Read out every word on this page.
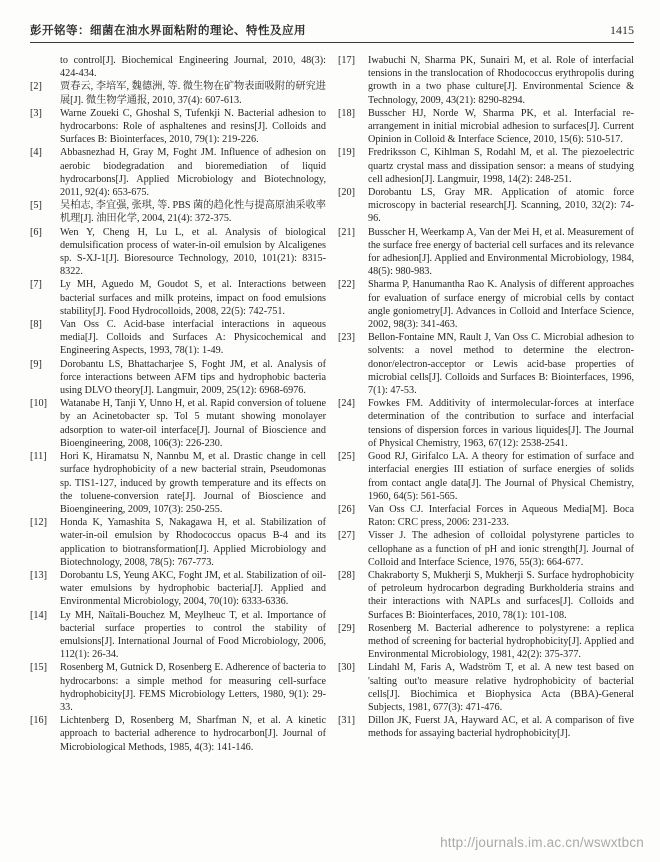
彭开铭等：细菌在油水界面粘附的理论、特性及应用	1415
to control[J]. Biochemical Engineering Journal, 2010, 48(3): 424-434.
[2] 贾春云, 李培军, 魏德洲, 等. 微生物在矿物表面吸附的研究进展[J]. 微生物学通报, 2010, 37(4): 607-613.
[3] Warne Zoueki C, Ghoshal S, Tufenkji N. Bacterial adhesion to hydrocarbons: Role of asphaltenes and resins[J]. Colloids and Surfaces B: Biointerfaces, 2010, 79(1): 219-226.
[4] Abbasnezhad H, Gray M, Foght JM. Influence of adhesion on aerobic biodegradation and bioremediation of liquid hydrocarbons[J]. Applied Microbiology and Biotechnology, 2011, 92(4): 653-675.
[5] 吴柏志, 李宜强, 张琪, 等. PBS 菌的趋化性与提高原油采收率机理[J]. 油田化学, 2004, 21(4): 372-375.
[6] Wen Y, Cheng H, Lu L, et al. Analysis of biological demulsification process of water-in-oil emulsion by Alcaligenes sp. S-XJ-1[J]. Bioresource Technology, 2010, 101(21): 8315-8322.
[7] Ly MH, Aguedo M, Goudot S, et al. Interactions between bacterial surfaces and milk proteins, impact on food emulsions stability[J]. Food Hydrocolloids, 2008, 22(5): 742-751.
[8] Van Oss C. Acid-base interfacial interactions in aqueous media[J]. Colloids and Surfaces A: Physicochemical and Engineering Aspects, 1993, 78(1): 1-49.
[9] Dorobantu LS, Bhattacharjee S, Foght JM, et al. Analysis of force interactions between AFM tips and hydrophobic bacteria using DLVO theory[J]. Langmuir, 2009, 25(12): 6968-6976.
[10] Watanabe H, Tanji Y, Unno H, et al. Rapid conversion of toluene by an Acinetobacter sp. Tol 5 mutant showing monolayer adsorption to water-oil interface[J]. Journal of Bioscience and Bioengineering, 2008, 106(3): 226-230.
[11] Hori K, Hiramatsu N, Nannbu M, et al. Drastic change in cell surface hydrophobicity of a new bacterial strain, Pseudomonas sp. TIS1-127, induced by growth temperature and its effects on the toluene-conversion rate[J]. Journal of Bioscience and Bioengineering, 2009, 107(3): 250-255.
[12] Honda K, Yamashita S, Nakagawa H, et al. Stabilization of water-in-oil emulsion by Rhodococcus opacus B-4 and its application to biotransformation[J]. Applied Microbiology and Biotechnology, 2008, 78(5): 767-773.
[13] Dorobantu LS, Yeung AKC, Foght JM, et al. Stabilization of oil-water emulsions by hydrophobic bacteria[J]. Applied and Environmental Microbiology, 2004, 70(10): 6333-6336.
[14] Ly MH, Naïtali-Bouchez M, Meylheuc T, et al. Importance of bacterial surface properties to control the stability of emulsions[J]. International Journal of Food Microbiology, 2006, 112(1): 26-34.
[15] Rosenberg M, Gutnick D, Rosenberg E. Adherence of bacteria to hydrocarbons: a simple method for measuring cell-surface hydrophobicity[J]. FEMS Microbiology Letters, 1980, 9(1): 29-33.
[16] Lichtenberg D, Rosenberg M, Sharfman N, et al. A kinetic approach to bacterial adherence to hydrocarbon[J]. Journal of Microbiological Methods, 1985, 4(3): 141-146.
[17] Iwabuchi N, Sharma PK, Sunairi M, et al. Role of interfacial tensions in the translocation of Rhodococcus erythropolis during growth in a two phase culture[J]. Environmental Science & Technology, 2009, 43(21): 8290-8294.
[18] Busscher HJ, Norde W, Sharma PK, et al. Interfacial re-arrangement in initial microbial adhesion to surfaces[J]. Current Opinion in Colloid & Interface Science, 2010, 15(6): 510-517.
[19] Fredriksson C, Kihlman S, Rodahl M, et al. The piezoelectric quartz crystal mass and dissipation sensor: a means of studying cell adhesion[J]. Langmuir, 1998, 14(2): 248-251.
[20] Dorobantu LS, Gray MR. Application of atomic force microscopy in bacterial research[J]. Scanning, 2010, 32(2): 74-96.
[21] Busscher H, Weerkamp A, Van der Mei H, et al. Measurement of the surface free energy of bacterial cell surfaces and its relevance for adhesion[J]. Applied and Environmental Microbiology, 1984, 48(5): 980-983.
[22] Sharma P, Hanumantha Rao K. Analysis of different approaches for evaluation of surface energy of microbial cells by contact angle goniometry[J]. Advances in Colloid and Interface Science, 2002, 98(3): 341-463.
[23] Bellon-Fontaine MN, Rault J, Van Oss C. Microbial adhesion to solvents: a novel method to determine the electron-donor/electron-acceptor or Lewis acid-base properties of microbial cells[J]. Colloids and Surfaces B: Biointerfaces, 1996, 7(1): 47-53.
[24] Fowkes FM. Additivity of intermolecular-forces at interface determination of the contribution to surface and interfacial tensions of dispersion forces in various liquides[J]. The Journal of Physical Chemistry, 1963, 67(12): 2538-2541.
[25] Good RJ, Girifalco LA. A theory for estimation of surface and interfacial energies III estiation of surface energies of solids from contact angle data[J]. The Journal of Physical Chemistry, 1960, 64(5): 561-565.
[26] Van Oss CJ. Interfacial Forces in Aqueous Media[M]. Boca Raton: CRC press, 2006: 231-233.
[27] Visser J. The adhesion of colloidal polystyrene particles to cellophane as a function of pH and ionic strength[J]. Journal of Colloid and Interface Science, 1976, 55(3): 664-677.
[28] Chakraborty S, Mukherji S, Mukherji S. Surface hydrophobicity of petroleum hydrocarbon degrading Burkholderia strains and their interactions with NAPLs and surfaces[J]. Colloids and Surfaces B: Biointerfaces, 2010, 78(1): 101-108.
[29] Rosenberg M. Bacterial adherence to polystyrene: a replica method of screening for bacterial hydrophobicity[J]. Applied and Environmental Microbiology, 1981, 42(2): 375-377.
[30] Lindahl M, Faris A, Wadström T, et al. A new test based on 'salting out'to measure relative hydrophobicity of bacterial cells[J]. Biochimica et Biophysica Acta (BBA)-General Subjects, 1981, 677(3): 471-476.
[31] Dillon JK, Fuerst JA, Hayward AC, et al. A comparison of five methods for assaying bacterial hydrophobicity[J].
http://journals.im.ac.cn/wswxtbcn
